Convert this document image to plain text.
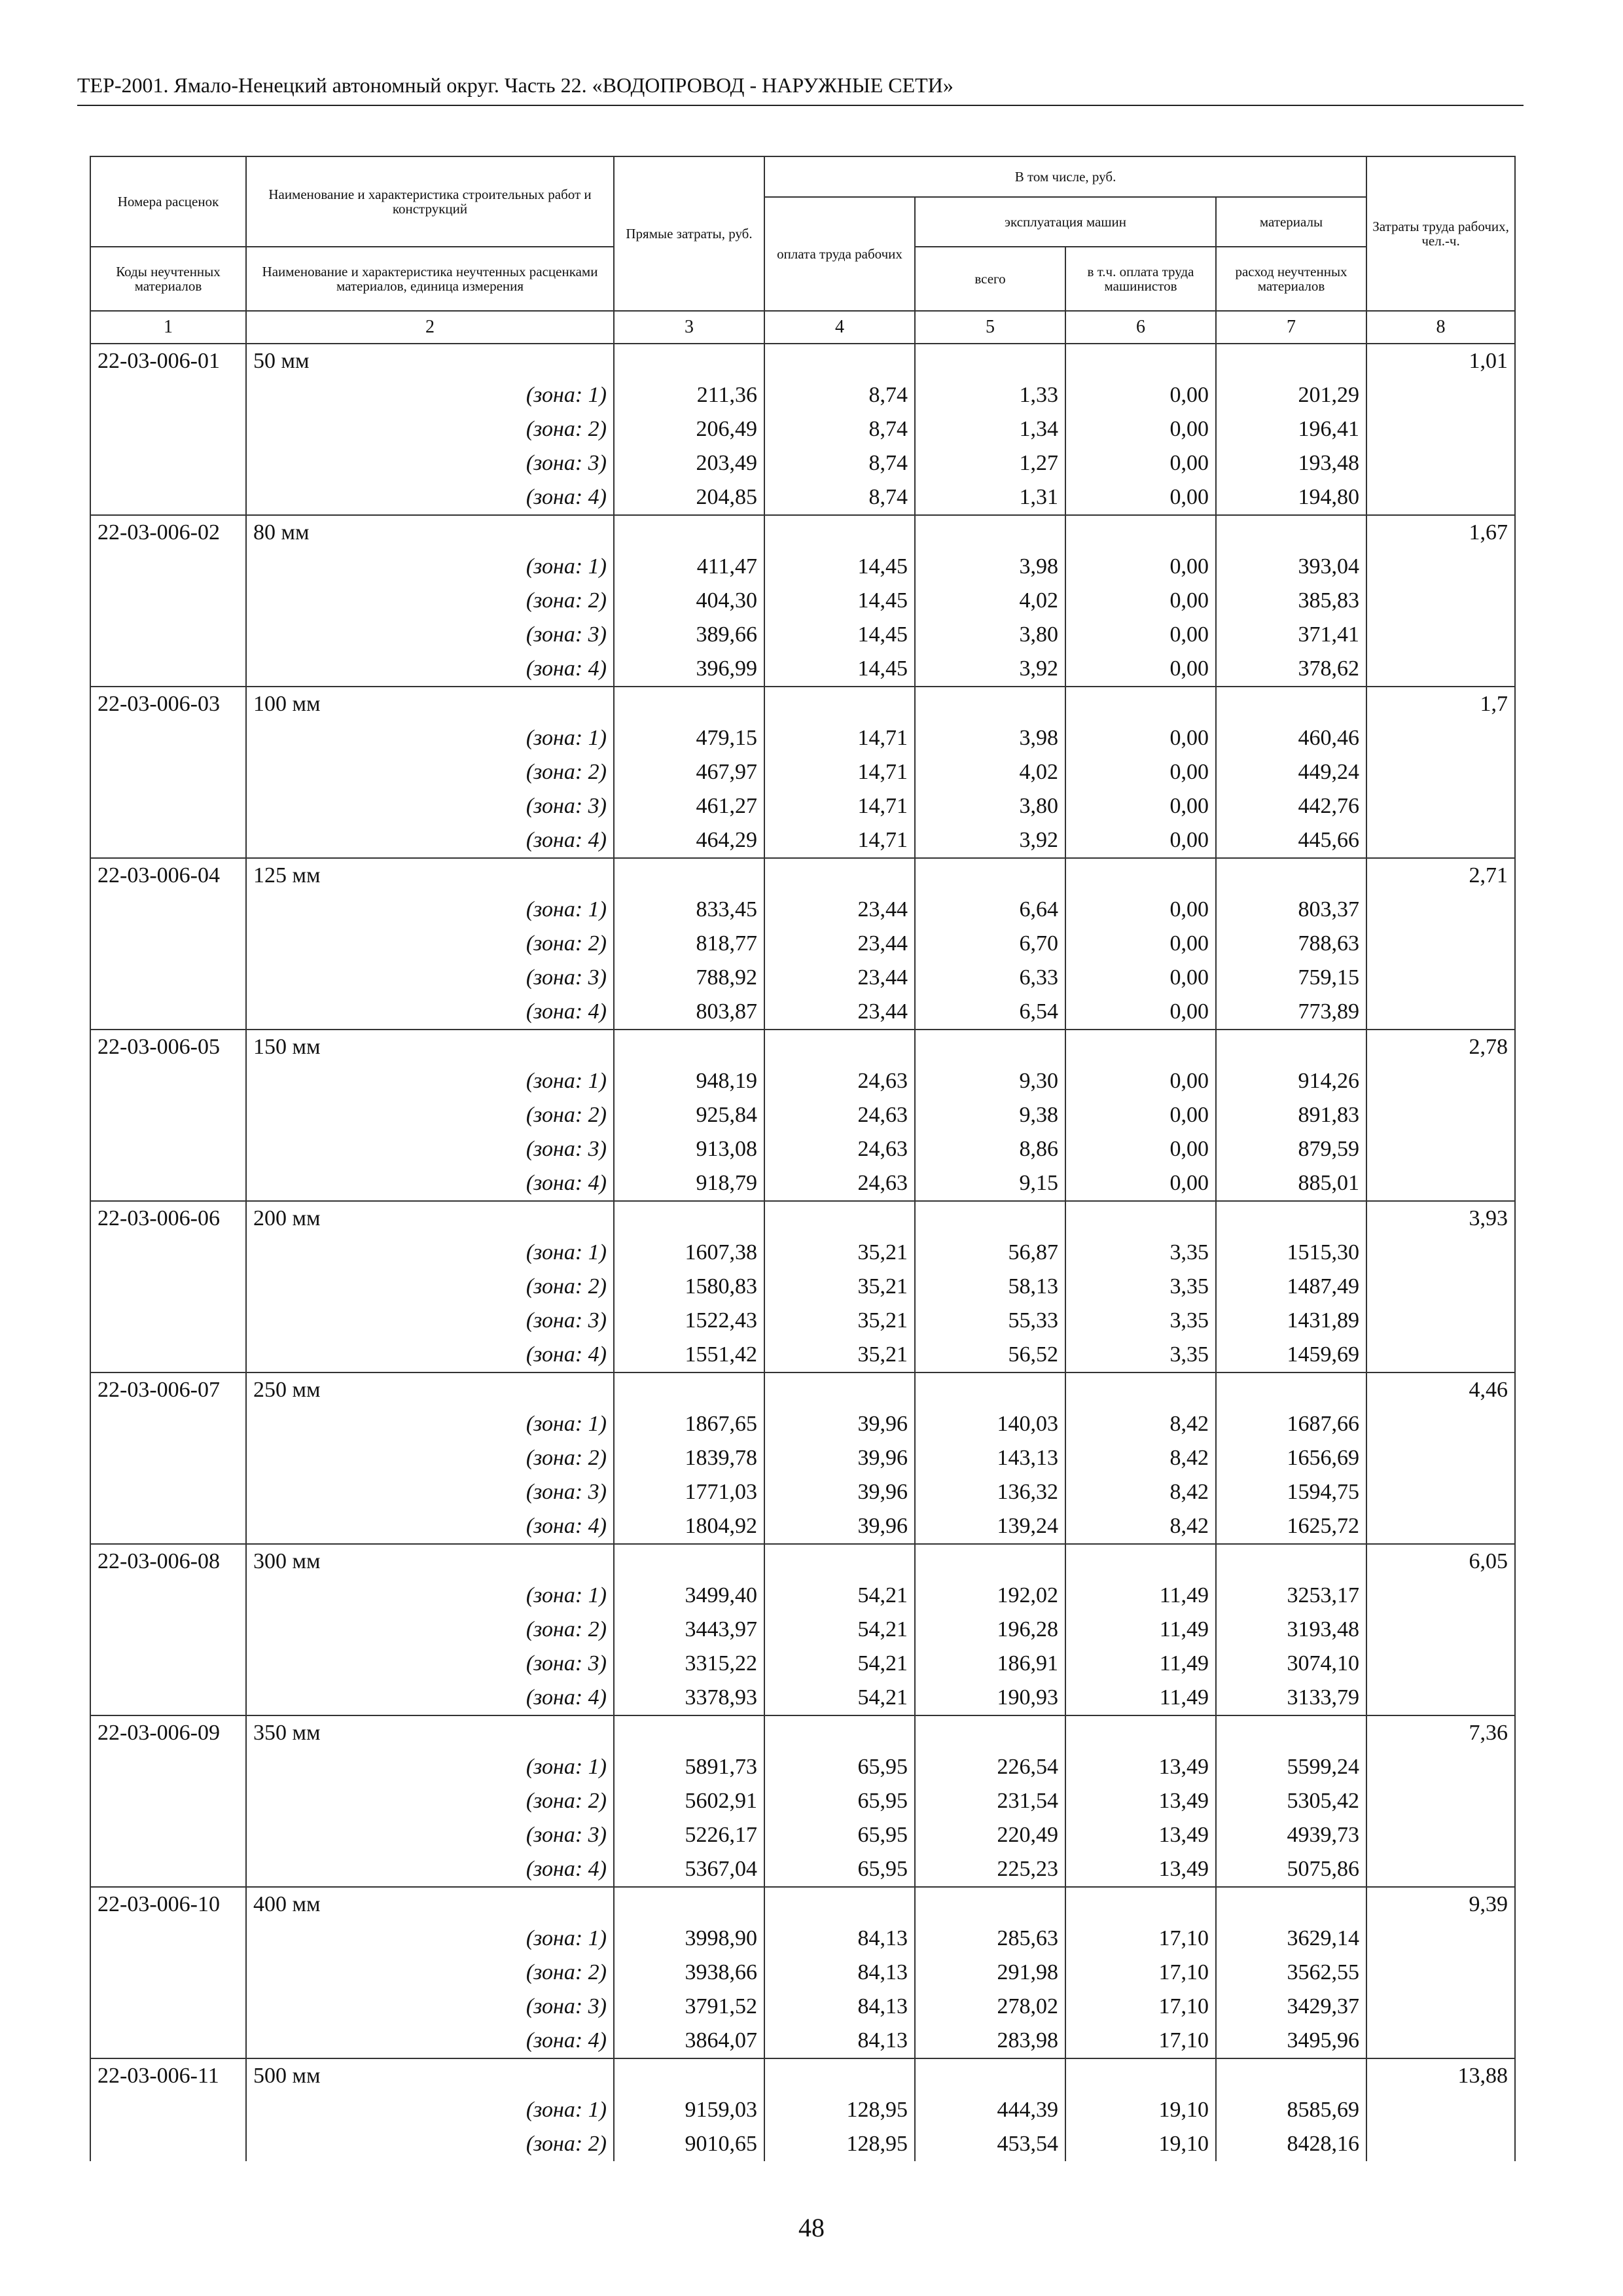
ТЕР-2001. Ямало-Ненецкий автономный округ. Часть 22. «ВОДОПРОВОД - НАРУЖНЫЕ СЕТИ»
Номера расценок	Наименование и характеристика строительных работ и конструкций	Прямые затраты, руб.	В том числе, руб.				Затраты труда рабочих, чел.-ч.
			оплата труда рабочих	эксплуатация машин		материалы	
Коды неучтенных материалов	Наименование и характеристика неучтенных расценками материалов, единица измерения			всего	в т.ч. оплата труда машинистов	расход неучтенных материалов	
1	2	3	4	5	6	7	8
22-03-006-01	50 мм						1,01
	(зона: 1)	211,36	8,74	1,33	0,00	201,29	
	(зона: 2)	206,49	8,74	1,34	0,00	196,41	
	(зона: 3)	203,49	8,74	1,27	0,00	193,48	
	(зона: 4)	204,85	8,74	1,31	0,00	194,80	
22-03-006-02	80 мм						1,67
	(зона: 1)	411,47	14,45	3,98	0,00	393,04	
	(зона: 2)	404,30	14,45	4,02	0,00	385,83	
	(зона: 3)	389,66	14,45	3,80	0,00	371,41	
	(зона: 4)	396,99	14,45	3,92	0,00	378,62	
22-03-006-03	100 мм						1,7
	(зона: 1)	479,15	14,71	3,98	0,00	460,46	
	(зона: 2)	467,97	14,71	4,02	0,00	449,24	
	(зона: 3)	461,27	14,71	3,80	0,00	442,76	
	(зона: 4)	464,29	14,71	3,92	0,00	445,66	
22-03-006-04	125 мм						2,71
	(зона: 1)	833,45	23,44	6,64	0,00	803,37	
	(зона: 2)	818,77	23,44	6,70	0,00	788,63	
	(зона: 3)	788,92	23,44	6,33	0,00	759,15	
	(зона: 4)	803,87	23,44	6,54	0,00	773,89	
22-03-006-05	150 мм						2,78
	(зона: 1)	948,19	24,63	9,30	0,00	914,26	
	(зона: 2)	925,84	24,63	9,38	0,00	891,83	
	(зона: 3)	913,08	24,63	8,86	0,00	879,59	
	(зона: 4)	918,79	24,63	9,15	0,00	885,01	
22-03-006-06	200 мм						3,93
	(зона: 1)	1607,38	35,21	56,87	3,35	1515,30	
	(зона: 2)	1580,83	35,21	58,13	3,35	1487,49	
	(зона: 3)	1522,43	35,21	55,33	3,35	1431,89	
	(зона: 4)	1551,42	35,21	56,52	3,35	1459,69	
22-03-006-07	250 мм						4,46
	(зона: 1)	1867,65	39,96	140,03	8,42	1687,66	
	(зона: 2)	1839,78	39,96	143,13	8,42	1656,69	
	(зона: 3)	1771,03	39,96	136,32	8,42	1594,75	
	(зона: 4)	1804,92	39,96	139,24	8,42	1625,72	
22-03-006-08	300 мм						6,05
	(зона: 1)	3499,40	54,21	192,02	11,49	3253,17	
	(зона: 2)	3443,97	54,21	196,28	11,49	3193,48	
	(зона: 3)	3315,22	54,21	186,91	11,49	3074,10	
	(зона: 4)	3378,93	54,21	190,93	11,49	3133,79	
22-03-006-09	350 мм						7,36
	(зона: 1)	5891,73	65,95	226,54	13,49	5599,24	
	(зона: 2)	5602,91	65,95	231,54	13,49	5305,42	
	(зона: 3)	5226,17	65,95	220,49	13,49	4939,73	
	(зона: 4)	5367,04	65,95	225,23	13,49	5075,86	
22-03-006-10	400 мм						9,39
	(зона: 1)	3998,90	84,13	285,63	17,10	3629,14	
	(зона: 2)	3938,66	84,13	291,98	17,10	3562,55	
	(зона: 3)	3791,52	84,13	278,02	17,10	3429,37	
	(зона: 4)	3864,07	84,13	283,98	17,10	3495,96	
22-03-006-11	500 мм						13,88
	(зона: 1)	9159,03	128,95	444,39	19,10	8585,69	
	(зона: 2)	9010,65	128,95	453,54	19,10	8428,16	
48
